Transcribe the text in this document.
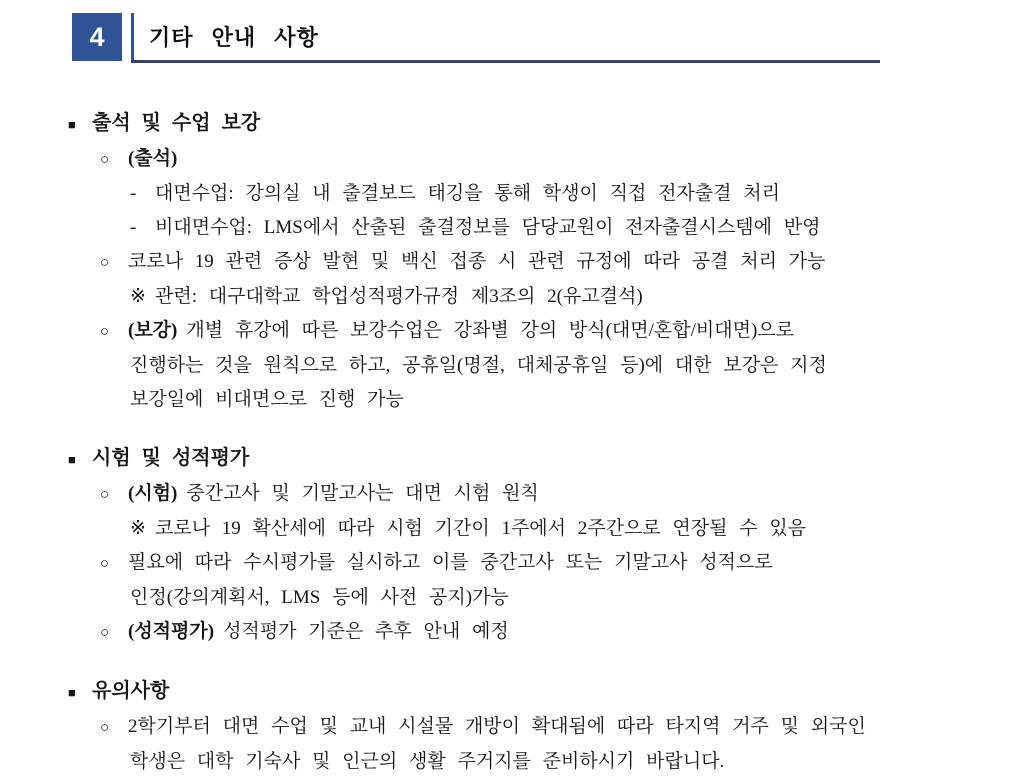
4	기타 안내 사항
■ 출석 및 수업 보강
○ (출석)
- 대면수업: 강의실 내 출결보드 태깅을 통해 학생이 직접 전자출결 처리
- 비대면수업: LMS에서 산출된 출결정보를 담당교원이 전자출결시스템에 반영
○ 코로나 19 관련 증상 발현 및 백신 접종 시 관련 규정에 따라 공결 처리 가능
※ 관련: 대구대학교 학업성적평가규정 제3조의 2(유고결석)
○ (보강) 개별 휴강에 따른 보강수업은 강좌별 강의 방식(대면/혼합/비대면)으로
진행하는 것을 원칙으로 하고, 공휴일(명절, 대체공휴일 등)에 대한 보강은 지정
보강일에 비대면으로 진행 가능
■ 시험 및 성적평가
○ (시험) 중간고사 및 기말고사는 대면 시험 원칙
※ 코로나 19 확산세에 따라 시험 기간이 1주에서 2주간으로 연장될 수 있음
○ 필요에 따라 수시평가를 실시하고 이를 중간고사 또는 기말고사 성적으로
인정(강의계획서, LMS 등에 사전 공지)가능
○ (성적평가) 성적평가 기준은 추후 안내 예정
■ 유의사항
○ 2학기부터 대면 수업 및 교내 시설물 개방이 확대됨에 따라 타지역 거주 및 외국인
학생은 대학 기숙사 및 인근의 생활 주거지를 준비하시기 바랍니다.
